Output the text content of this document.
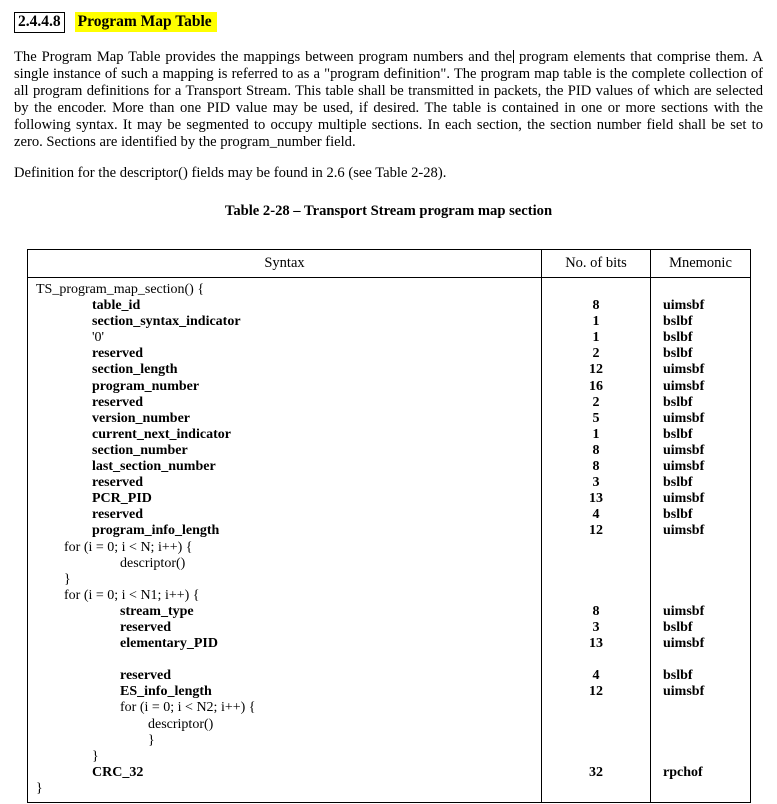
2.4.4.8 Program Map Table

The Program Map Table provides the mappings between program numbers and the program elements that comprise them. A single instance of such a mapping is referred to as a "program definition". The program map table is the complete collection of all program definitions for a Transport Stream. This table shall be transmitted in packets, the PID values of which are selected by the encoder. More than one PID value may be used, if desired. The table is contained in one or more sections with the following syntax. It may be segmented to occupy multiple sections. In each section, the section number field shall be set to zero. Sections are identified by the program_number field.

Definition for the descriptor() fields may be found in 2.6 (see Table 2-28).

Table 2-28 – Transport Stream program map section

Syntax	No. of bits	Mnemonic
TS_program_map_section() {		
table_id	8	uimsbf
section_syntax_indicator	1	bslbf
'0'	1	bslbf
reserved	2	bslbf
section_length	12	uimsbf
program_number	16	uimsbf
reserved	2	bslbf
version_number	5	uimsbf
current_next_indicator	1	bslbf
section_number	8	uimsbf
last_section_number	8	uimsbf
reserved	3	bslbf
PCR_PID	13	uimsbf
reserved	4	bslbf
program_info_length	12	uimsbf
for (i = 0; i < N; i++) {		
descriptor()		
}		
for (i = 0; i < N1; i++) {		
stream_type	8	uimsbf
reserved	3	bslbf
elementary_PID	13	uimsbf

reserved	4	bslbf
ES_info_length	12	uimsbf
for (i = 0; i < N2; i++) {		
descriptor()		
}		
}		
CRC_32	32	rpchof
}		
